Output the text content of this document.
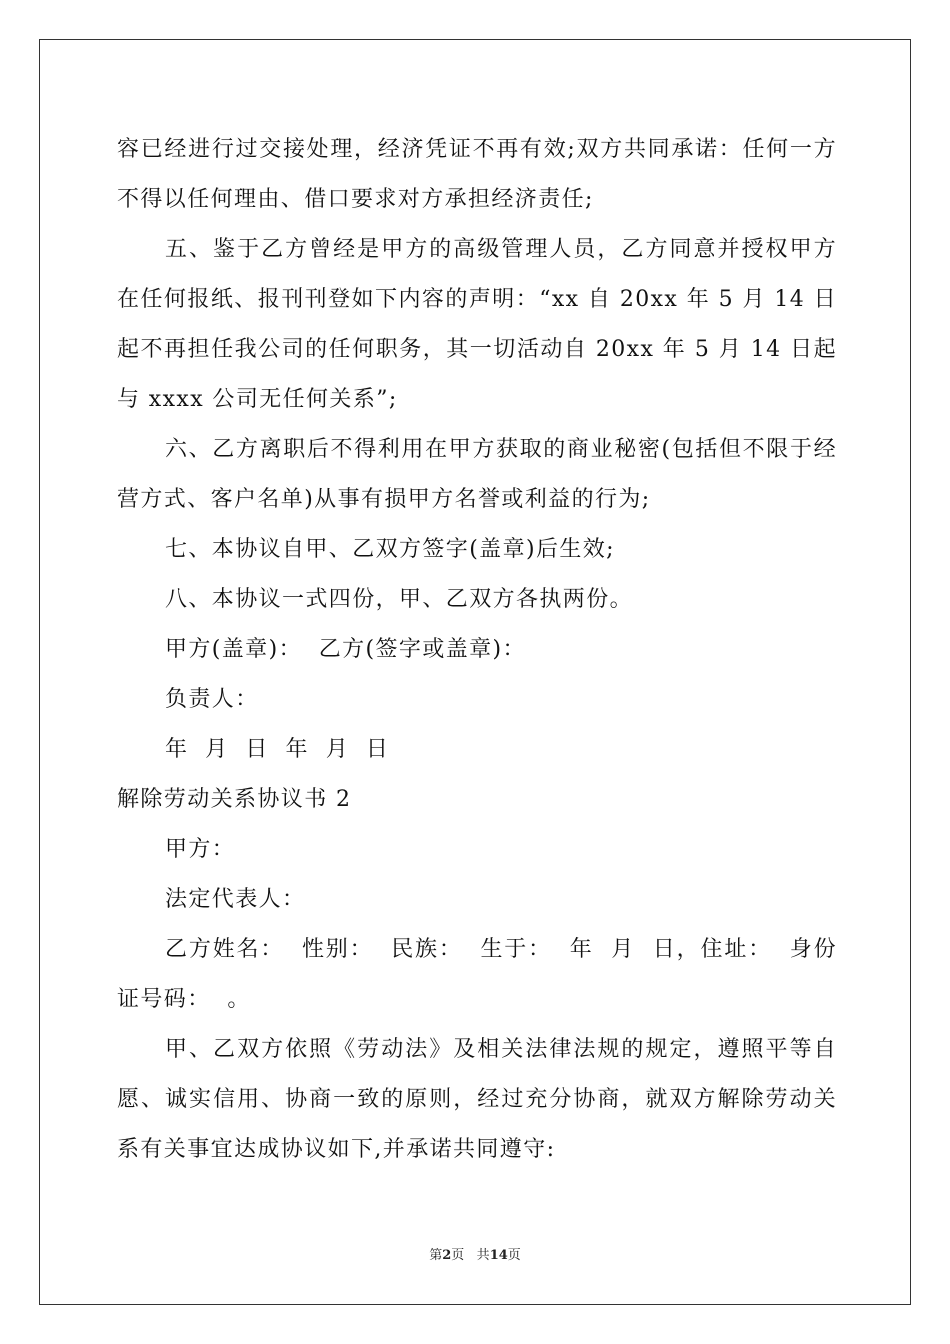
容已经进行过交接处理，经济凭证不再有效;双方共同承诺：任何一方不得以任何理由、借口要求对方承担经济责任;

五、鉴于乙方曾经是甲方的高级管理人员，乙方同意并授权甲方在任何报纸、报刊刊登如下内容的声明：“xx 自 20xx 年 5 月 14 日起不再担任我公司的任何职务，其一切活动自 20xx 年 5 月 14 日起与 xxxx 公司无任何关系”;

六、乙方离职后不得利用在甲方获取的商业秘密(包括但不限于经营方式、客户名单)从事有损甲方名誉或利益的行为;

七、本协议自甲、乙双方签字(盖章)后生效;

八、本协议一式四份，甲、乙双方各执两份。

甲方(盖章)：  乙方(签字或盖章)：

负责人：

年  月  日  年  月  日

解除劳动关系协议书 2

甲方：

法定代表人：

乙方姓名：  性别：  民族：  生于：  年  月  日，住址：  身份证号码：  。

甲、乙双方依照《劳动法》及相关法律法规的规定，遵照平等自愿、诚实信用、协商一致的原则，经过充分协商，就双方解除劳动关系有关事宜达成协议如下,并承诺共同遵守:

第2页 共14页
